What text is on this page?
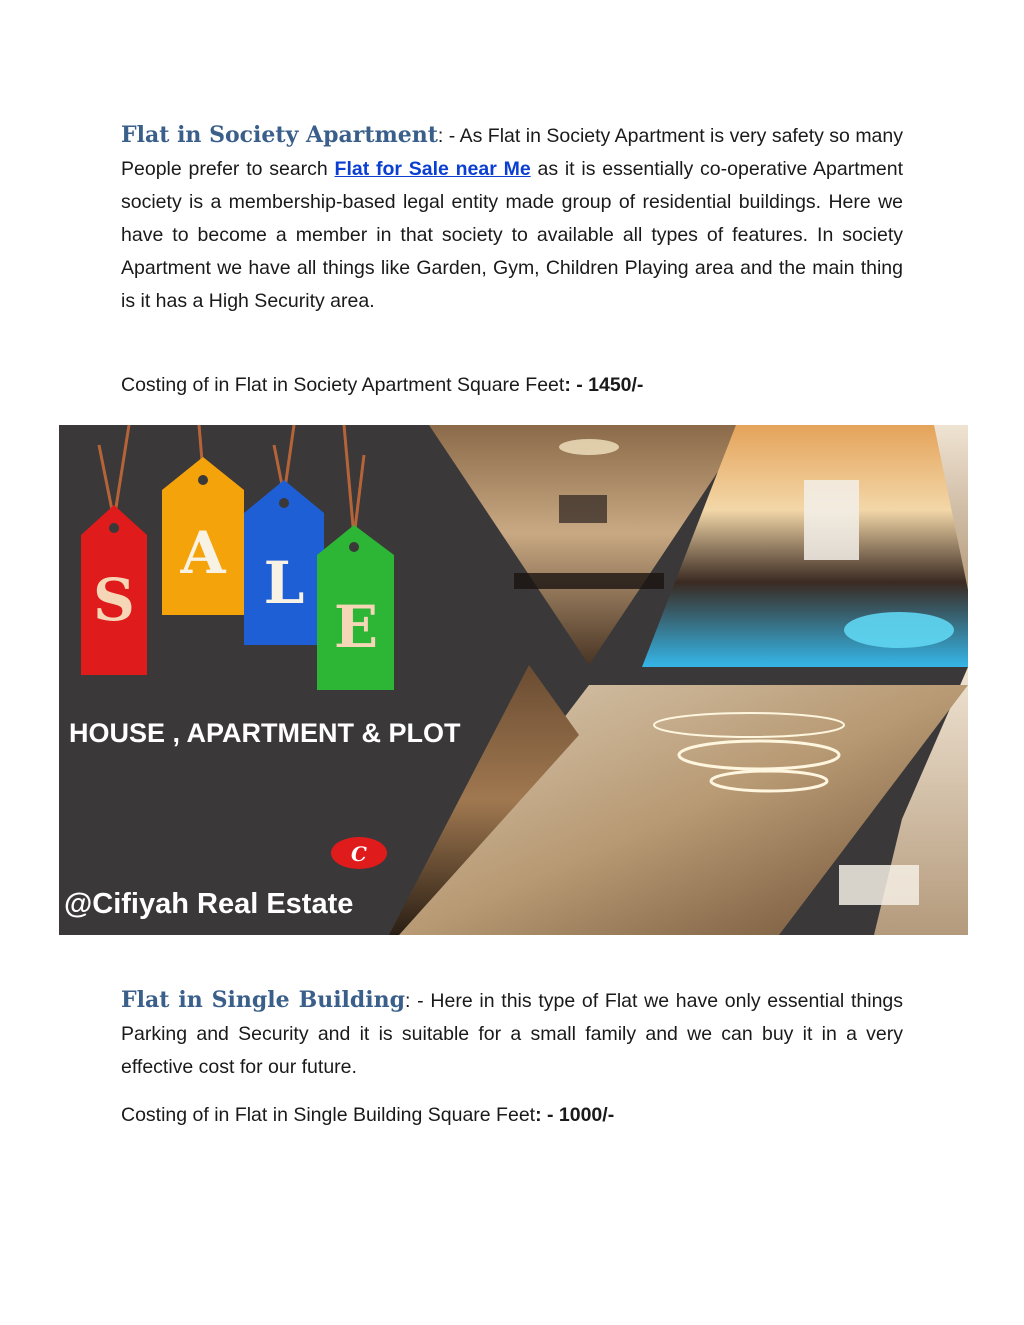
Flat in Society Apartment: - As Flat in Society Apartment is very safety so many People prefer to search Flat for Sale near Me as it is essentially co-operative Apartment society is a membership-based legal entity made group of residential buildings. Here we have to become a member in that society to available all types of features. In society Apartment we have all things like Garden, Gym, Children Playing area and the main thing is it has a High Security area.

Costing of in Flat in Society Apartment Square Feet: - 1450/-

S
A L
E
HOUSE , APARTMENT & PLOT
C
@Cifiyah Real Estate

Flat in Single Building: - Here in this type of Flat we have only essential things Parking and Security and it is suitable for a small family and we can buy it in a very effective cost for our future.

Costing of in Flat in Single Building Square Feet: - 1000/-
